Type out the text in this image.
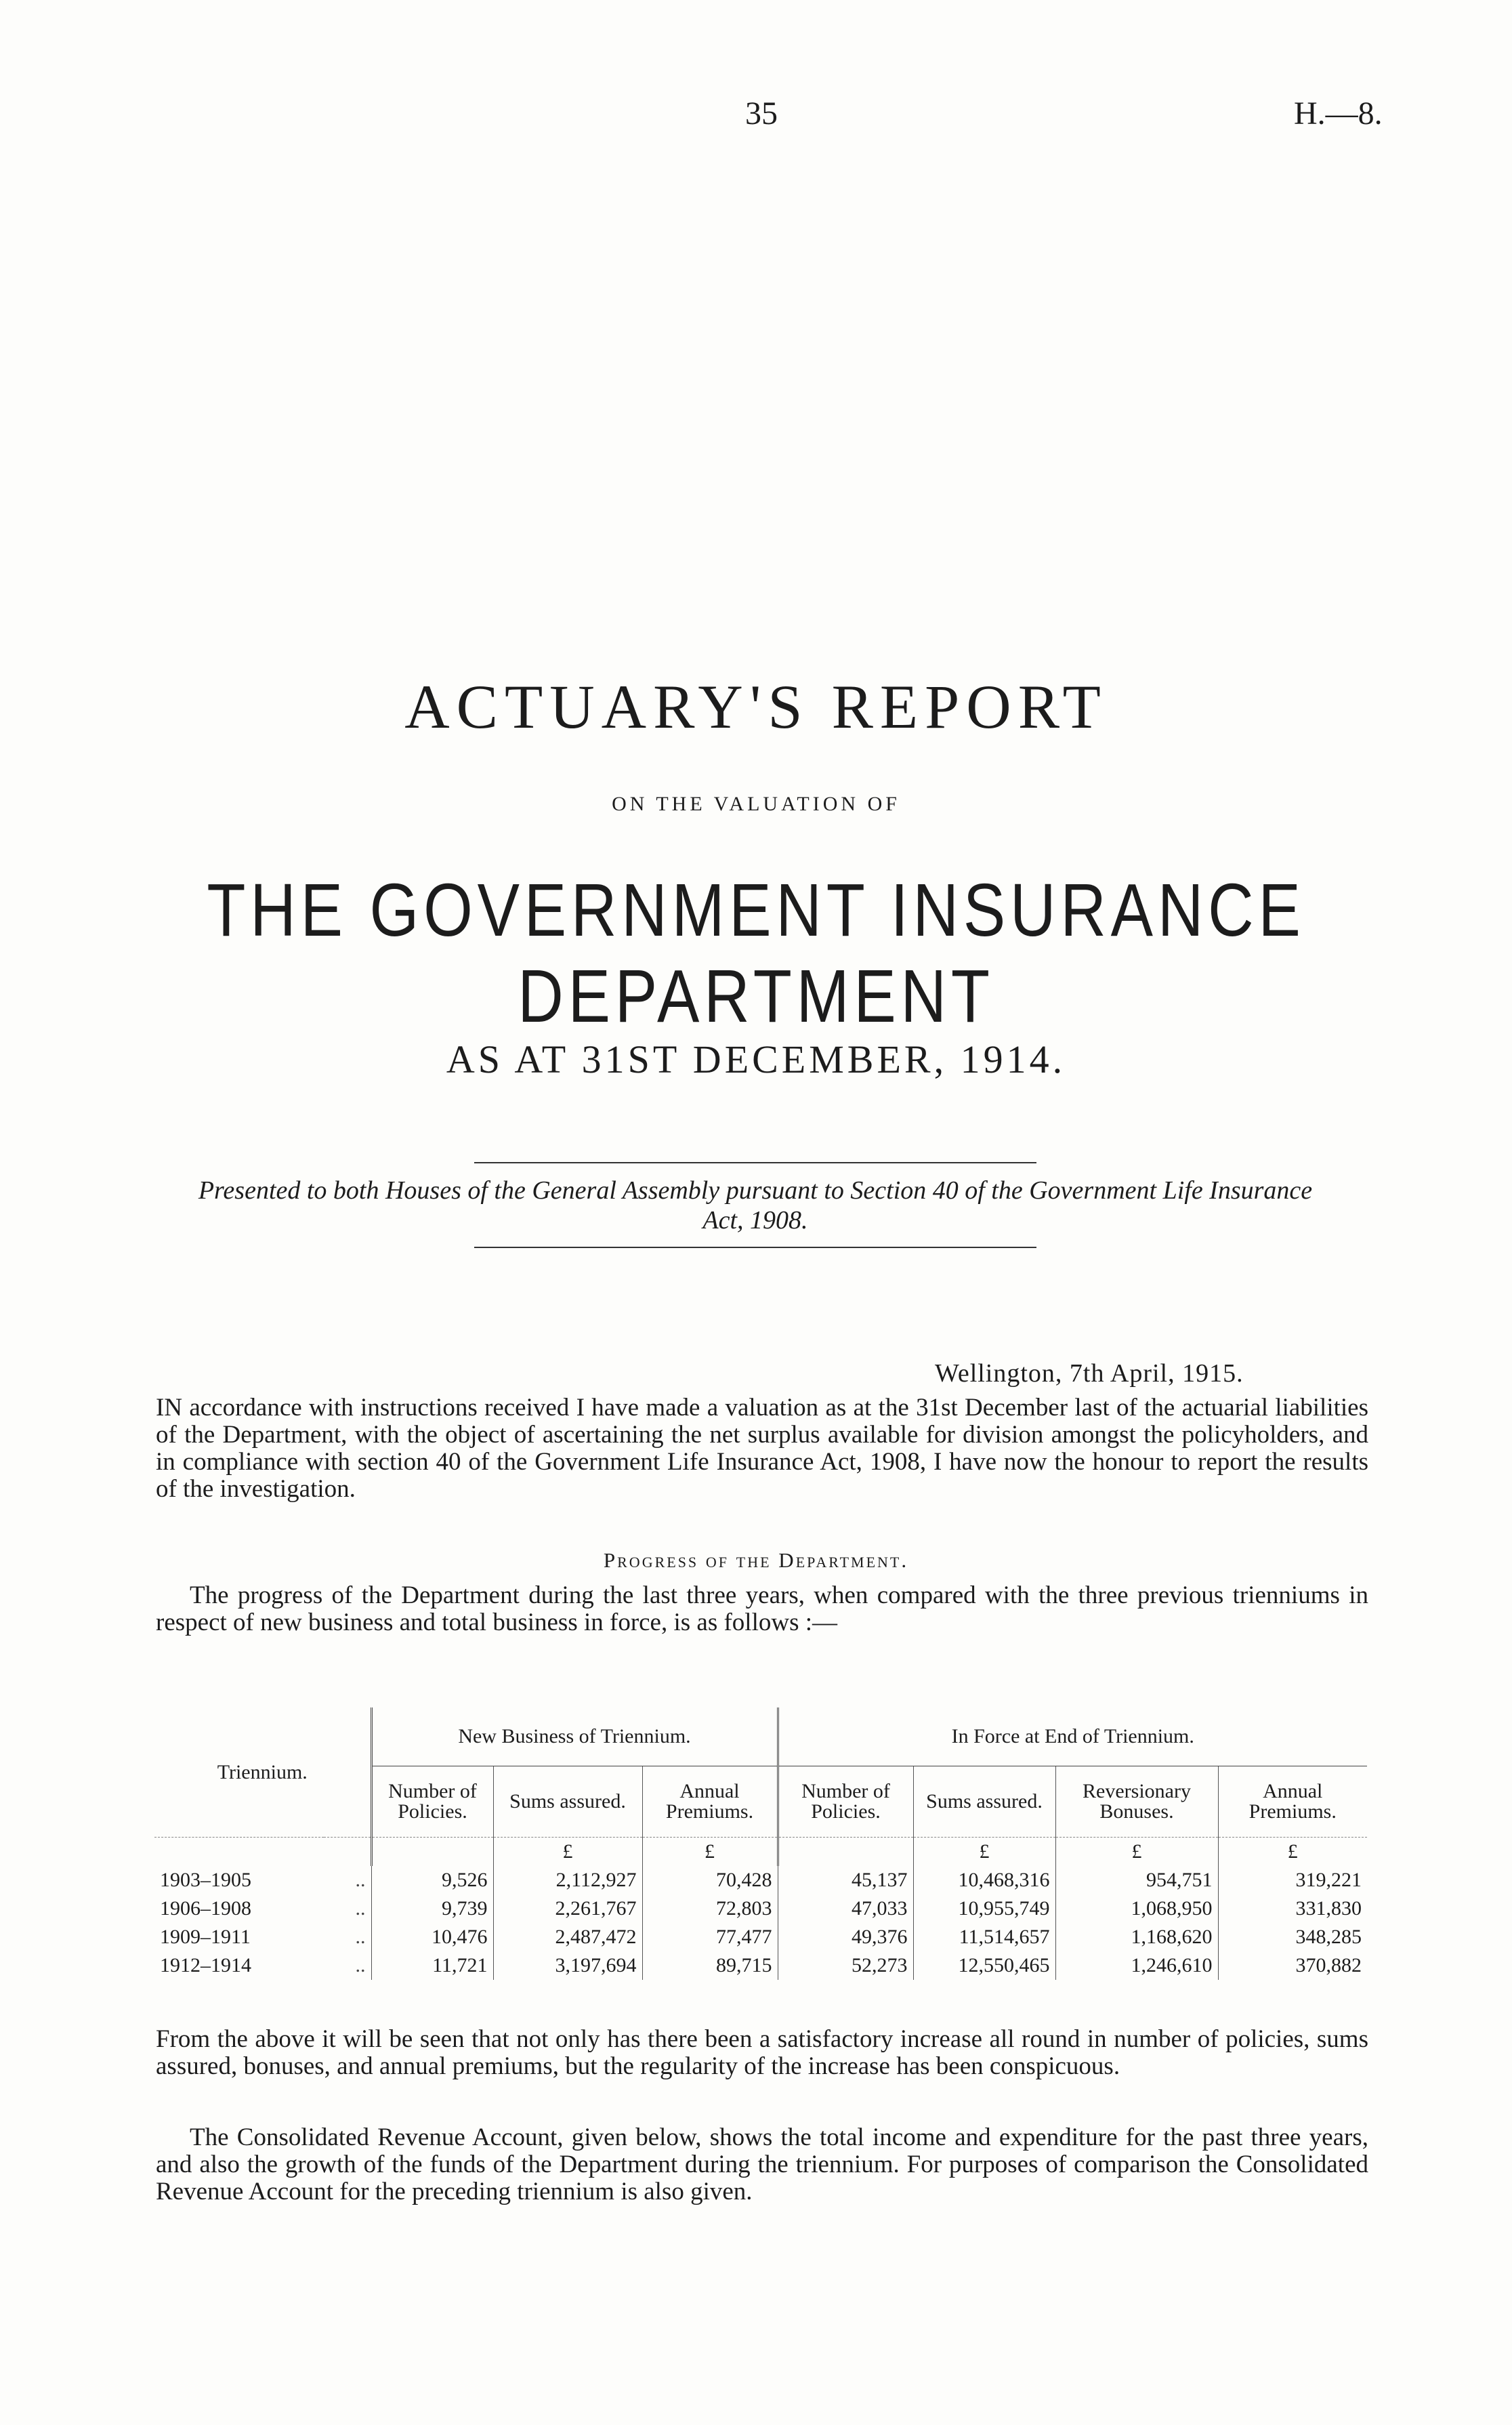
35	H.—8.
ACTUARY'S REPORT
ON THE VALUATION OF
THE GOVERNMENT INSURANCE DEPARTMENT
AS AT 31ST DECEMBER, 1914.
Presented to both Houses of the General Assembly pursuant to Section 40 of the Government Life Insurance Act, 1908.
Wellington, 7th April, 1915.
IN accordance with instructions received I have made a valuation as at the 31st December last of the actuarial liabilities of the Department, with the object of ascertaining the net surplus available for division amongst the policyholders, and in compliance with section 40 of the Government Life Insurance Act, 1908, I have now the honour to report the results of the investigation.
Progress of the Department.
The progress of the Department during the last three years, when compared with the three previous trienniums in respect of new business and total business in force, is as follows :—
Triennium.		New Business of Triennium.			In Force at End of Triennium.			
		Number of Policies.	Sums assured.	Annual Premiums.	Number of Policies.	Sums assured.	Reversionary Bonuses.	Annual Premiums.
			£	£		£	£	£
1903–1905	..	9,526	2,112,927	70,428	45,137	10,468,316	954,751	319,221
1906–1908	..	9,739	2,261,767	72,803	47,033	10,955,749	1,068,950	331,830
1909–1911	..	10,476	2,487,472	77,477	49,376	11,514,657	1,168,620	348,285
1912–1914	..	11,721	3,197,694	89,715	52,273	12,550,465	1,246,610	370,882
From the above it will be seen that not only has there been a satisfactory increase all round in number of policies, sums assured, bonuses, and annual premiums, but the regularity of the increase has been conspicuous.
The Consolidated Revenue Account, given below, shows the total income and expenditure for the past three years, and also the growth of the funds of the Department during the triennium. For purposes of comparison the Consolidated Revenue Account for the preceding triennium is also given.
